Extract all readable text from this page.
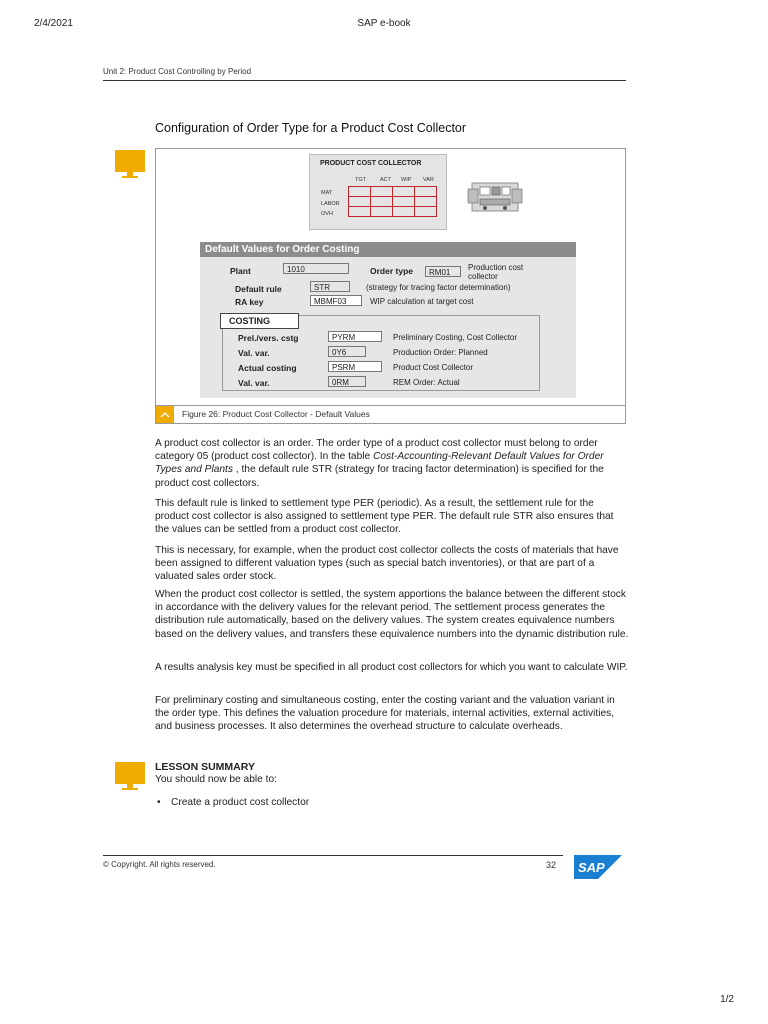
2/4/2021	SAP e-book
Unit 2: Product Cost Controlling by Period
Configuration of Order Type for a Product Cost Collector
Figure 26: Product Cost Collector - Default Values
PRODUCT COST COLLECTOR
TGT	ACT WIP VAR
MAT
LABOR
OVH

Default Values for Order Costing
Plant	1010	Order type	RM01
Production cost collector
Default rule	STR	(strategy for tracing factor determination)
RA key	MBMF03	WIP calculation at target cost
COSTING
Prel./vers. cstg	PYRM	Preliminary Costing, Cost Collector
Val. var.	0Y6	Production Order: Planned
Actual costing	PSRM	Product Cost Collector
Val. var.	0RM	REM Order: Actual
A product cost collector is an order. The order type of a product cost collector must belong to order category 05 (product cost collector). In the table Cost-Accounting-Relevant Default Values for Order Types and Plants , the default rule STR (strategy for tracing factor determination) is specified for the product cost collectors.
This default rule is linked to settlement type PER (periodic). As a result, the settlement rule for the product cost collector is also assigned to settlement type PER. The default rule STR also ensures that the values can be settled from a product cost collector.
This is necessary, for example, when the product cost collector collects the costs of materials that have been assigned to different valuation types (such as special batch inventories), or that are part of a valuated sales order stock.
When the product cost collector is settled, the system apportions the balance between the different stock in accordance with the delivery values for the relevant period. The settlement process generates the distribution rule automatically, based on the delivery values. The system creates equivalence numbers based on the delivery values, and transfers these equivalence numbers into the dynamic distribution rule.
A results analysis key must be specified in all product cost collectors for which you want to calculate WIP.
For preliminary costing and simultaneous costing, enter the costing variant and the valuation variant in the order type. This defines the valuation procedure for materials, internal activities, external activities, and business processes. It also determines the overhead structure to calculate overheads.
LESSON SUMMARY
You should now be able to:
• Create a product cost collector
© Copyright. All rights reserved.	32 SAP
1/2
